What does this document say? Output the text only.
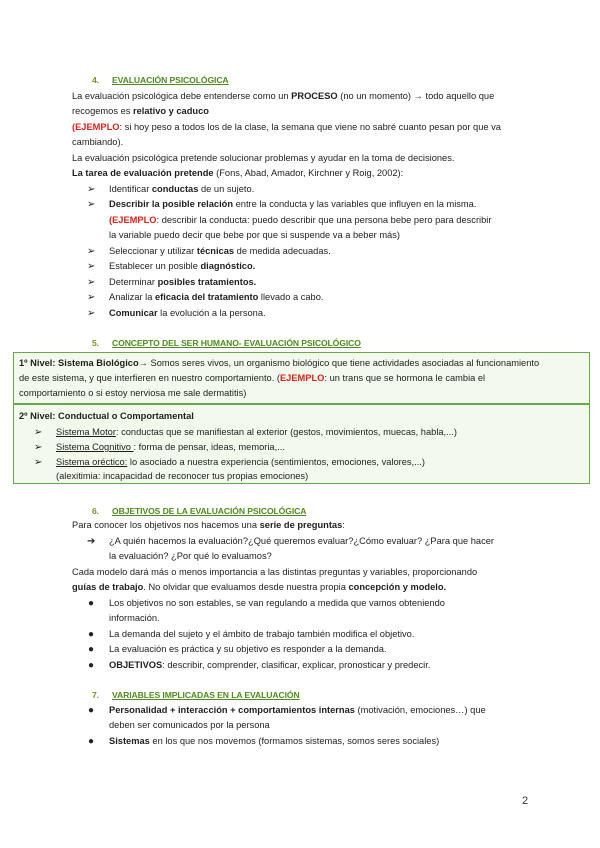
4. EVALUACIÓN PSICOLÓGICA
La evaluación psicológica debe entenderse como un PROCESO (no un momento) → todo aquello que
recogemos es relativo y caduco
(EJEMPLO: si hoy peso a todos los de la clase, la semana que viene no sabré cuanto pesan por que va
cambiando).
La evaluación psicológica pretende solucionar problemas y ayudar en la toma de decisiones.
La tarea de evaluación pretende (Fons, Abad, Amador, Kirchner y Roig, 2002):
➢ Identificar conductas de un sujeto.
➢ Describir la posible relación entre la conducta y las variables que influyen en la misma.
(EJEMPLO: describir la conducta: puedo describir que una persona bebe pero para describir
la variable puedo decir que bebe por que si suspende va a beber más)
➢ Seleccionar y utilizar técnicas de medida adecuadas.
➢ Establecer un posible diagnóstico.
➢ Determinar posibles tratamientos.
➢ Analizar la eficacia del tratamiento llevado a cabo.
➢ Comunicar la evolución a la persona.
5. CONCEPTO DEL SER HUMANO- EVALUACIÓN PSICOLÓGICO
1º Nivel: Sistema Biológico→ Somos seres vivos, un organismo biológico que tiene actividades asociadas al funcionamiento
de este sistema, y que interfieren en nuestro comportamiento. (EJEMPLO: un trans que se hormona le cambia el
comportamiento o si estoy nerviosa me sale dermatitis)
2º Nivel: Conductual o Comportamental
➢ Sistema Motor: conductas que se manifiestan al exterior (gestos, movimientos, muecas, habla,...)
➢ Sistema Cognitivo : forma de pensar, ideas, memoria,...
➢ Sistema oréctico: lo asociado a nuestra experiencia (sentimientos, emociones, valores,...)
(alexitimia: incapacidad de reconocer tus propias emociones)
6. OBJETIVOS DE LA EVALUACIÓN PSICOLÓGICA
Para conocer los objetivos nos hacemos una serie de preguntas:
➔ ¿A quién hacemos la evaluación?¿Qué queremos evaluar?¿Cómo evaluar? ¿Para que hacer
la evaluación? ¿Por qué lo evaluamos?
Cada modelo dará más o menos importancia a las distintas preguntas y variables, proporcionando
guías de trabajo. No olvidar que evaluamos desde nuestra propia concepción y modelo.
● Los objetivos no son estables, se van regulando a medida que vamos obteniendo
información.
● La demanda del sujeto y el ámbito de trabajo también modifica el objetivo.
● La evaluación es práctica y su objetivo es responder a la demanda.
● OBJETIVOS: describir, comprender, clasificar, explicar, pronosticar y predecir.
7. VARIABLES IMPLICADAS EN LA EVALUACIÓN
● Personalidad + interacción + comportamientos internas (motivación, emociones…) que
deben ser comunicados por la persona
● Sistemas en los que nos movemos (formamos sistemas, somos seres sociales)
2
